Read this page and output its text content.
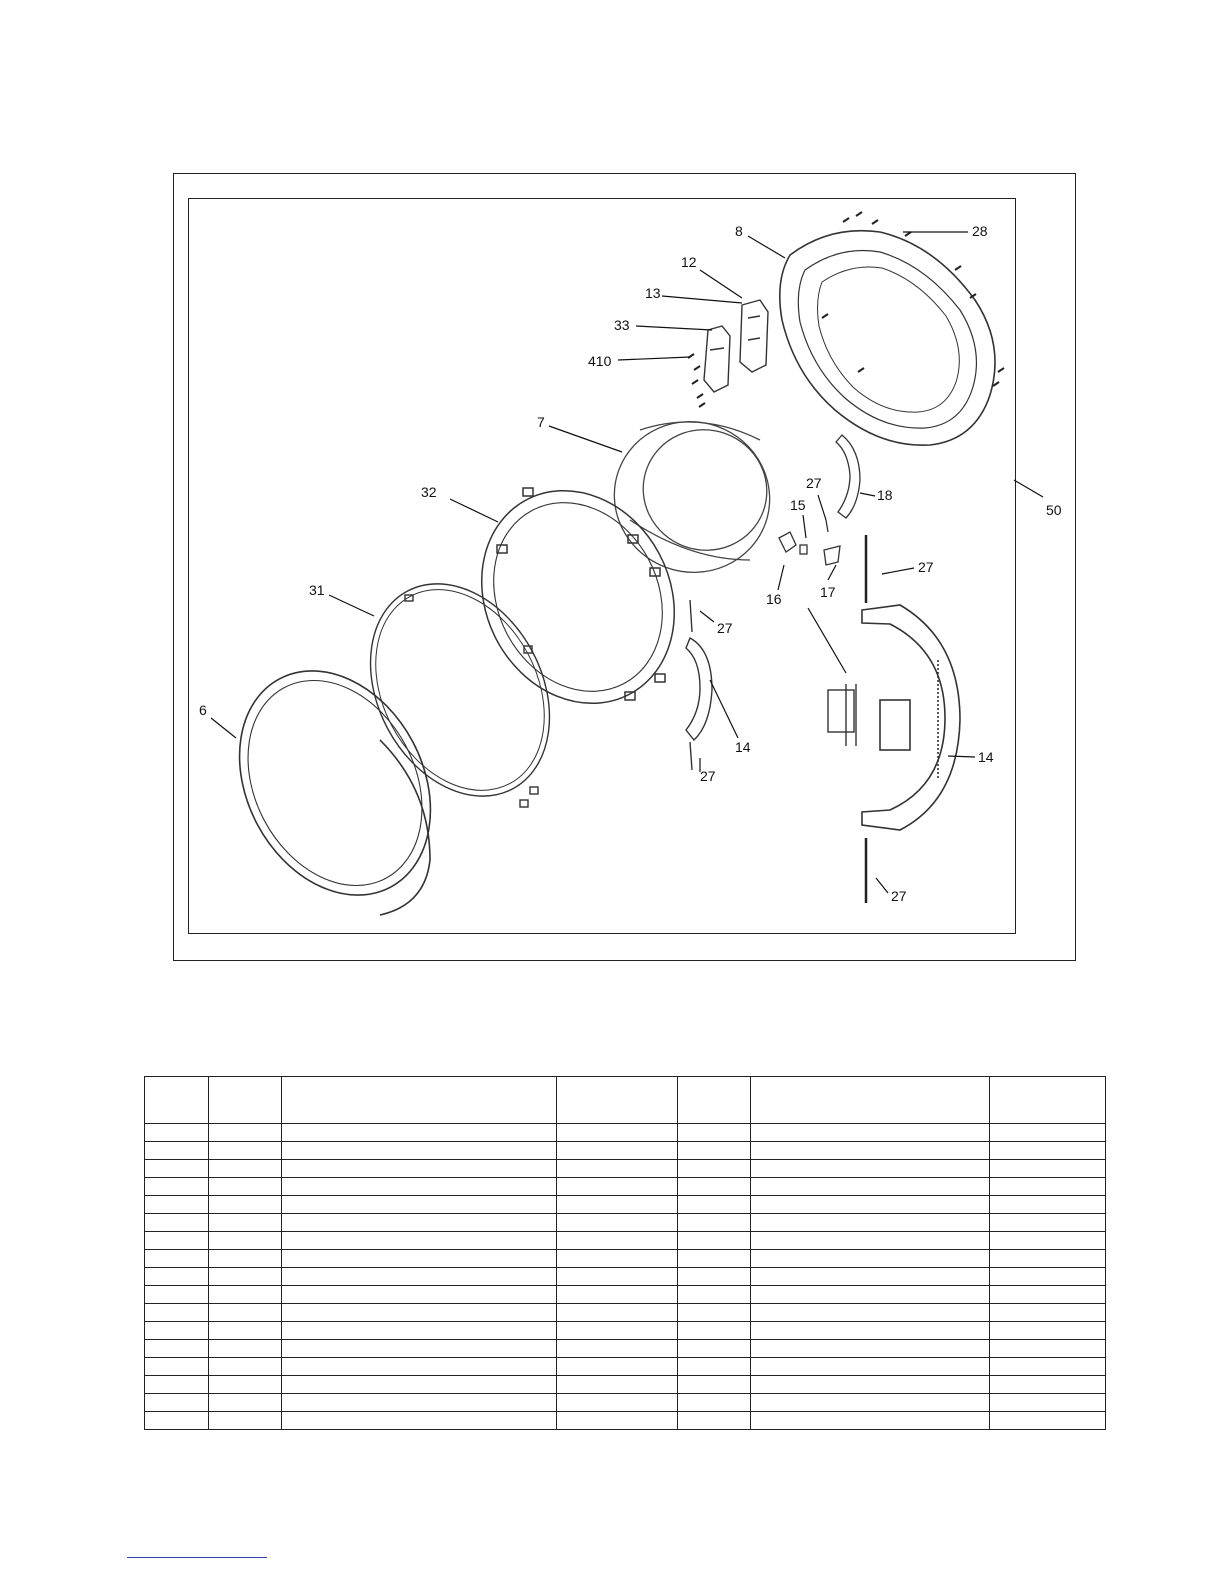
28
8
12
13
33
410
7
32
31
6
50
18
27
15
16	17
27
27
14
27
14
27
